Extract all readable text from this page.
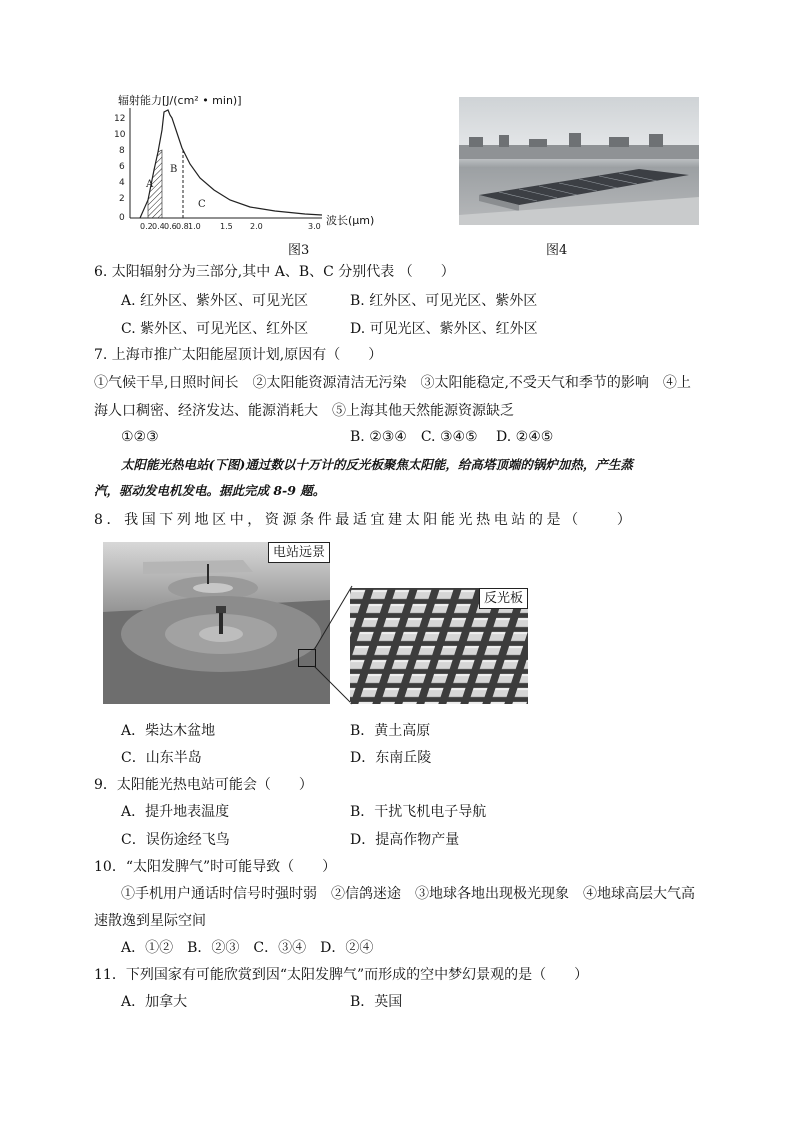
12
10
8
6
4
2
0
A
B
C
0.2 0.4 0.6 0.8 1.0 1.5 2.0	3.0
辐射能力[J/(cm² • min)]
波长(μm)
图3	图4
6. 太阳辐射分为三部分,其中 A、B、C 分别代表 （　　）
A. 红外区、紫外区、可见光区	B. 红外区、可见光区、紫外区
C. 紫外区、可见光区、红外区	D. 可见光区、紫外区、红外区
7. 上海市推广太阳能屋顶计划,原因有（　　）
①气候干旱,日照时间长　②太阳能资源清洁无污染　③太阳能稳定,不受天气和季节的影响　④上
海人口稠密、经济发达、能源消耗大　⑤上海其他天然能源资源缺乏
①②③	B. ②③④　C. ③④⑤　 D. ②④⑤
太阳能光热电站(下图)通过数以十万计的反光板聚焦太阳能，给高塔顶端的锅炉加热，产生蒸
汽，驱动发电机发电。据此完成 8-9 题。
8．我国下列地区中，资源条件最适宜建太阳能光热电站的是（　　）
电站远景
反光板
A．柴达木盆地	B．黄土高原
C．山东半岛	D．东南丘陵
9．太阳能光热电站可能会（　　）
A．提升地表温度	B．干扰飞机电子导航
C．误伤途经飞鸟	D．提高作物产量
10．“太阳发脾气”时可能导致（　　）
①手机用户通话时信号时强时弱　②信鸽迷途　③地球各地出现极光现象　④地球高层大气高
速散逸到星际空间
A．①②　B．②③　C．③④　D．②④
11．下列国家有可能欣赏到因“太阳发脾气”而形成的空中梦幻景观的是（　　）
A．加拿大	B．英国
